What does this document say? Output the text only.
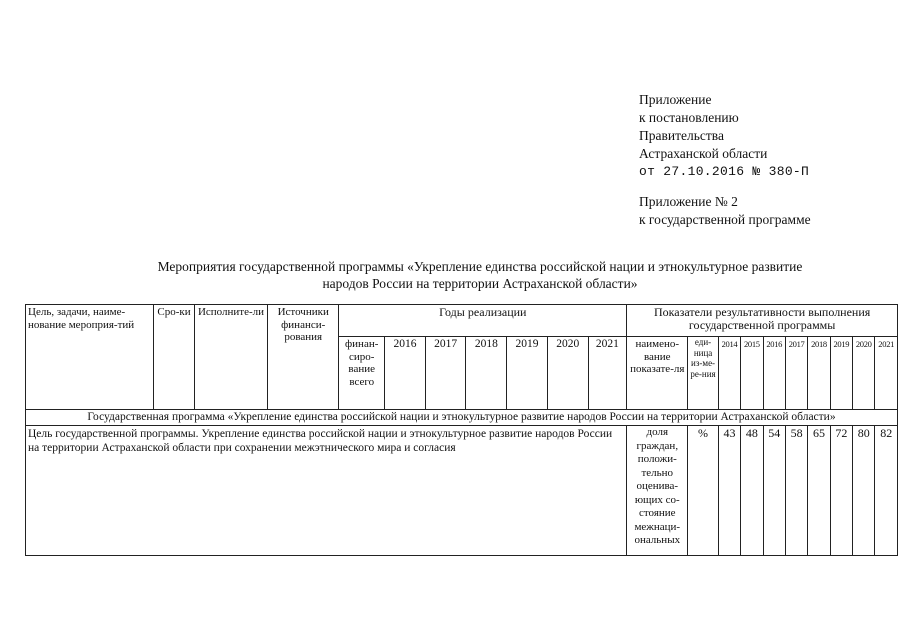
Приложение
к постановлению
Правительства
Астраханской области
от 27.10.2016 № 380-П
Приложение № 2
к государственной программе
Мероприятия государственной программы «Укрепление единства российской нации и этнокультурное развитие
народов России на территории Астраханской области»
Цель, задачи, наиме-нование мероприя-тий	Сро-ки	Исполните-ли	Источники финанси-рования	Годы реализации							Показатели результативности выполнения государственной программы									
				финан-сиро-вание всего	2016	2017	2018	2019	2020	2021	наимено-вание показате-ля	еди-ница из-ме-ре-ния	2014	2015	2016	2017	2018	2019	2020	2021
Государственная программа «Укрепление единства российской нации и этнокультурное развитие народов России на территории Астраханской области»																				
Цель государственной программы. Укрепление единства российской нации и этнокультурное развитие народов России на территории Астраханской области при сохранении межэтнического мира и согласия											доля граждан, положи-тельно оценива-ющих со-стояние межнаци-ональных	%	43	48	54	58	65	72	80	82
